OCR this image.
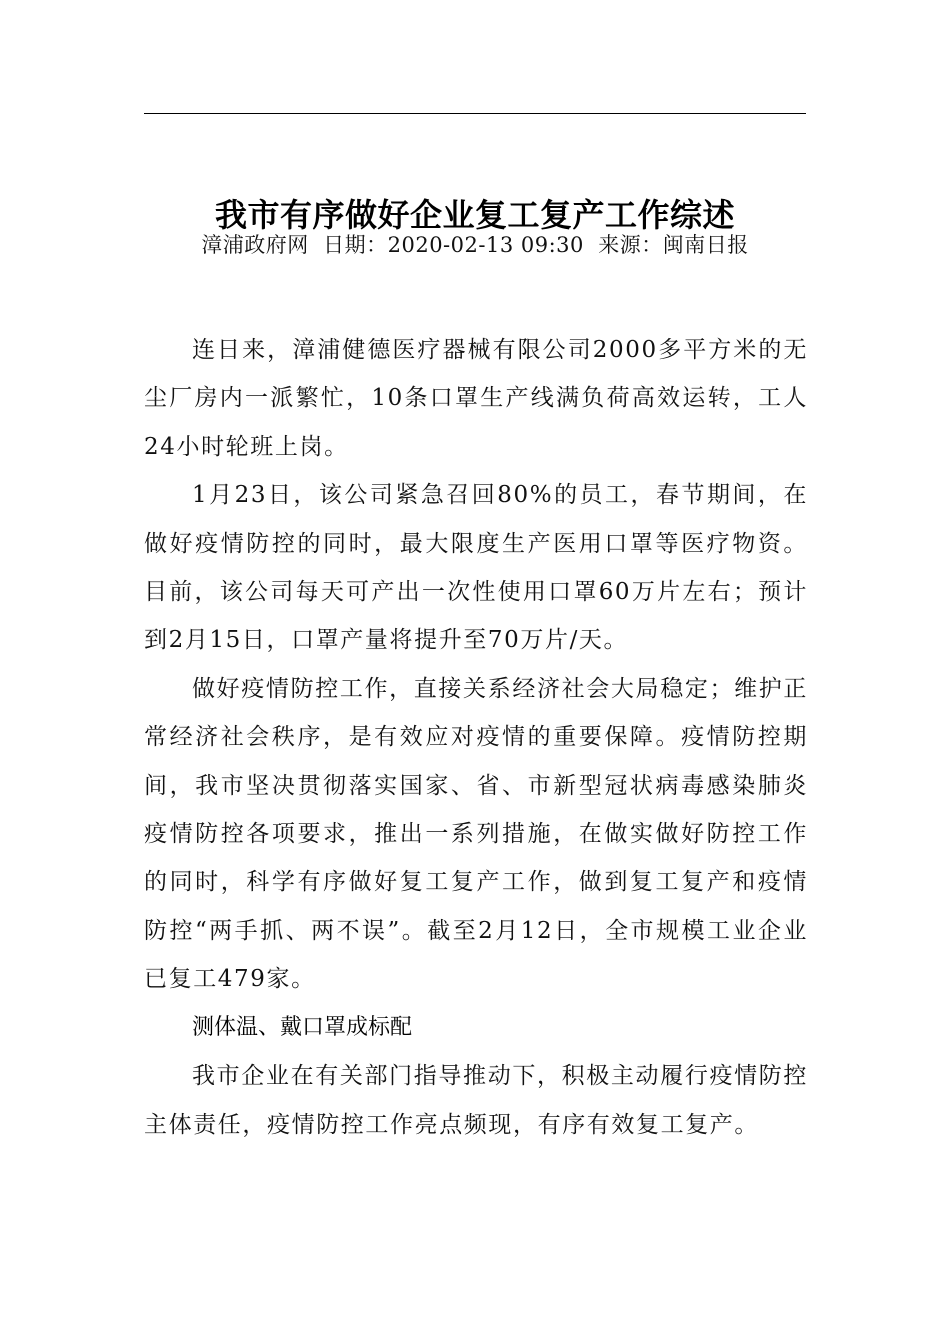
我市有序做好企业复工复产工作综述
漳浦政府网 日期：2020-02-13 09:30 来源：闽南日报

连日来，漳浦健德医疗器械有限公司2000多平方米的无尘厂房内一派繁忙，10条口罩生产线满负荷高效运转，工人24小时轮班上岗。

1月23日，该公司紧急召回80%的员工，春节期间，在做好疫情防控的同时，最大限度生产医用口罩等医疗物资。目前，该公司每天可产出一次性使用口罩60万片左右；预计到2月15日，口罩产量将提升至70万片/天。

做好疫情防控工作，直接关系经济社会大局稳定；维护正常经济社会秩序，是有效应对疫情的重要保障。疫情防控期间，我市坚决贯彻落实国家、省、市新型冠状病毒感染肺炎疫情防控各项要求，推出一系列措施，在做实做好防控工作的同时，科学有序做好复工复产工作，做到复工复产和疫情防控“两手抓、两不误”。截至2月12日，全市规模工业企业已复工479家。

测体温、戴口罩成标配

我市企业在有关部门指导推动下，积极主动履行疫情防控主体责任，疫情防控工作亮点频现，有序有效复工复产。
